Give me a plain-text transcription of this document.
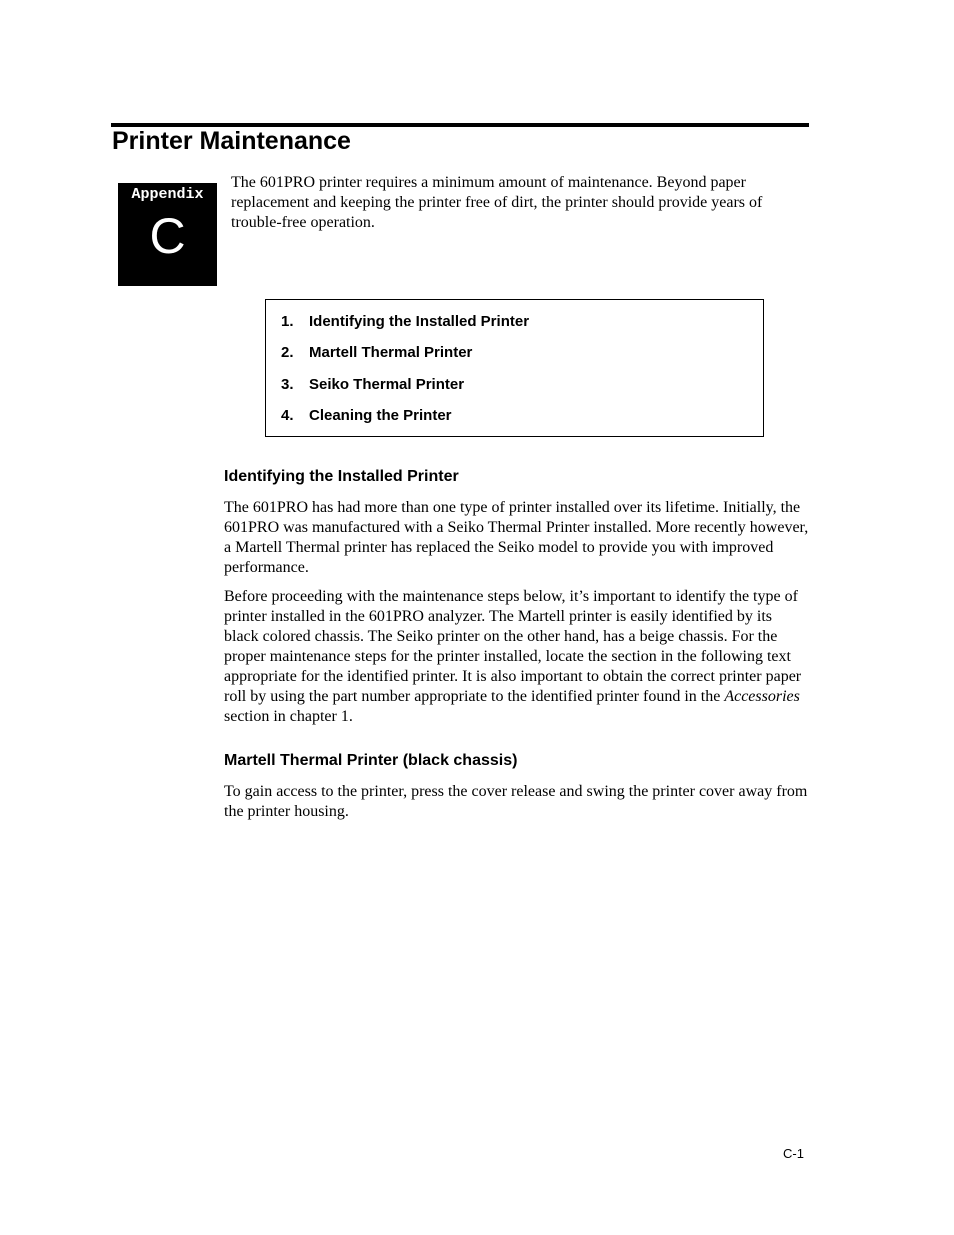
Printer Maintenance
Appendix
C

The 601PRO printer requires a minimum amount of maintenance. Beyond paper replacement and keeping the printer free of dirt, the printer should provide years of trouble-free operation.

1. Identifying the Installed Printer
2. Martell Thermal Printer
3. Seiko Thermal Printer
4. Cleaning the Printer
Identifying the Installed Printer

The 601PRO has had more than one type of printer installed over its lifetime. Initially, the 601PRO was manufactured with a Seiko Thermal Printer installed. More recently however, a Martell Thermal printer has replaced the Seiko model to provide you with improved performance.

Before proceeding with the maintenance steps below, it’s important to identify the type of printer installed in the 601PRO analyzer. The Martell printer is easily identified by its black colored chassis. The Seiko printer on the other hand, has a beige chassis. For the proper maintenance steps for the printer installed, locate the section in the following text appropriate for the identified printer. It is also important to obtain the correct printer paper roll by using the part number appropriate to the identified printer found in the Accessories section in chapter 1.

Martell Thermal Printer (black chassis)

To gain access to the printer, press the cover release and swing the printer cover away from the printer housing.

C-1
